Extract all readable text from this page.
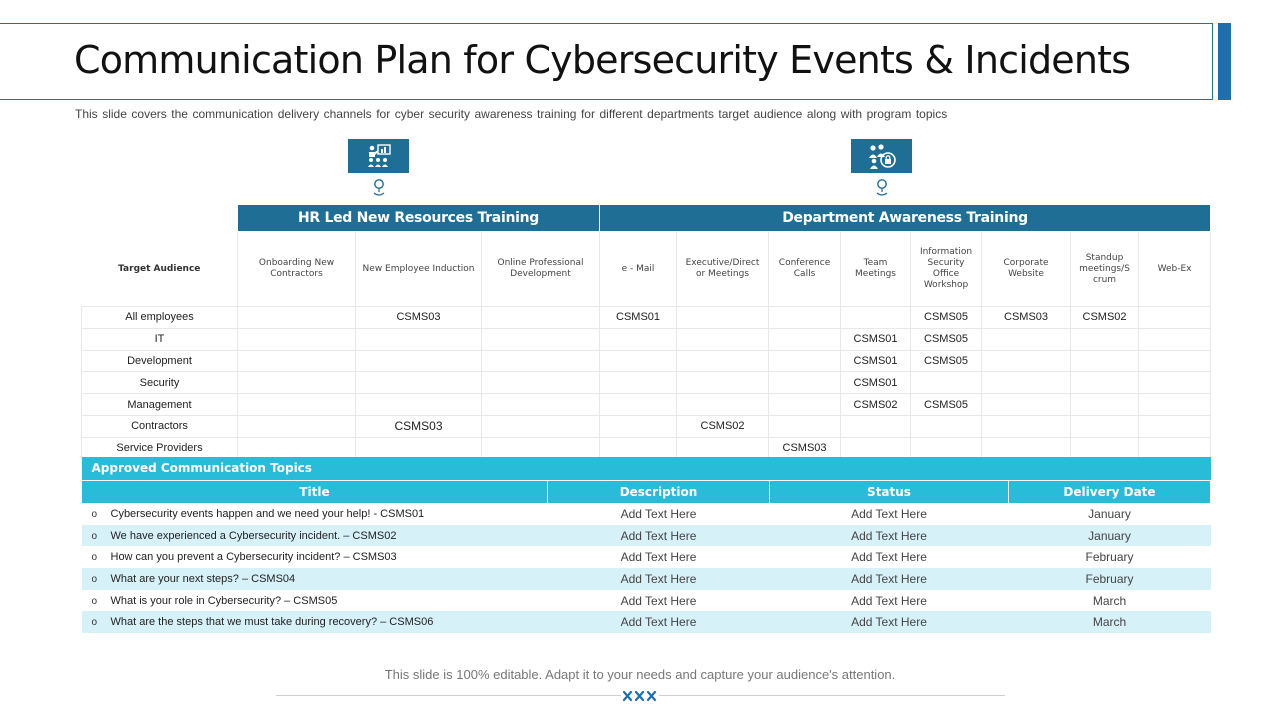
Communication Plan for Cybersecurity Events & Incidents
This slide covers the communication delivery channels for cyber security awareness training for different departments target audience along with program topics
	HR Led New Resources Training			Department Awareness Training							
Target Audience	Onboarding New Contractors	New Employee Induction	Online Professional Development	e - Mail	Executive/Direct or Meetings	Conference Calls	Team Meetings	Information Security Office Workshop	Corporate Website	Standup meetings/S crum	Web-Ex
All employees		CSMS03		CSMS01				CSMS05	CSMS03	CSMS02	
IT							CSMS01	CSMS05			
Development							CSMS01	CSMS05			
Security							CSMS01				
Management							CSMS02	CSMS05			
Contractors		CSMS03			CSMS02						
Service Providers						CSMS03					
Approved Communication Topics			
Title	Description	Status	Delivery Date
o Cybersecurity events happen and we need your help! - CSMS01	Add Text Here	Add Text Here	January
o We have experienced a Cybersecurity incident. – CSMS02	Add Text Here	Add Text Here	January
o How can you prevent a Cybersecurity incident? – CSMS03	Add Text Here	Add Text Here	February
o What are your next steps? – CSMS04	Add Text Here	Add Text Here	February
o What is your role in Cybersecurity? – CSMS05	Add Text Here	Add Text Here	March
o What are the steps that we must take during recovery? – CSMS06	Add Text Here	Add Text Here	March
This slide is 100% editable. Adapt it to your needs and capture your audience's attention.
